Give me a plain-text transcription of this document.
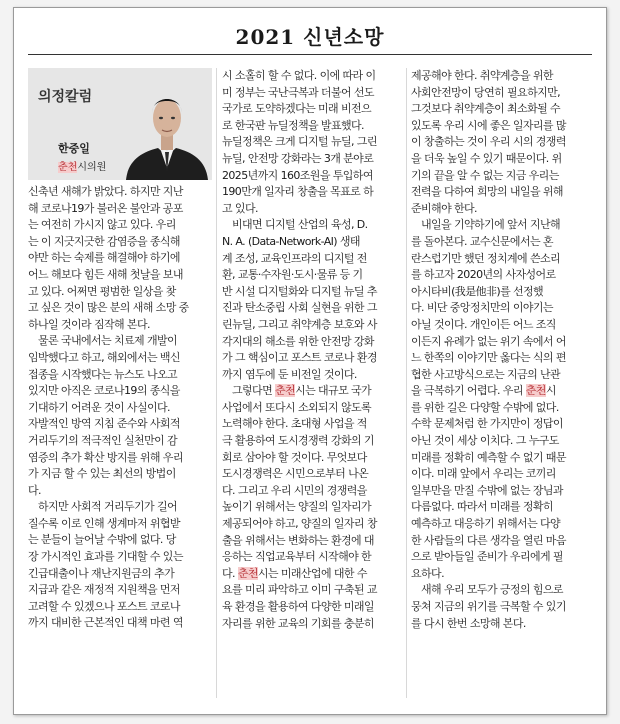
2021 신년소망
의정칼럼
한중일
춘천시의원
신축년 새해가 밝았다. 하지만 지난
해 코로나19가 불러온 불안과 공포
는 여전히 가시지 않고 있다. 우리
는 이 지긋지긋한 감염증을 종식해
야만 하는 숙제를 해결해야 하기에
어느 해보다 힘든 새해 첫날을 보내
고 있다. 어쩌면 평범한 일상을 찾
고 싶은 것이 많은 분의 새해 소망 중
하나일 것이라 짐작해 본다.
물론 국내에서는 치료제 개발이
임박했다고 하고, 해외에서는 백신
접종을 시작했다는 뉴스도 나오고
있지만 아직은 코로나19의 종식을
기대하기 어려운 것이 사실이다.
자발적인 방역 지침 준수와 사회적
거리두기의 적극적인 실천만이 감
염증의 추가 확산 방지를 위해 우리
가 지금 할 수 있는 최선의 방법이
다.
하지만 사회적 거리두기가 길어
질수록 이로 인해 생계마저 위협받
는 분들이 늘어날 수밖에 없다. 당
장 가시적인 효과를 기대할 수 있는
긴급대출이나 재난지원금의 추가
지급과 같은 재정적 지원책을 먼저
고려할 수 있겠으나 포스트 코로나
까지 대비한 근본적인 대책 마련 역
시 소홀히 할 수 없다. 이에 따라 이
미 정부는 국난극복과 더불어 선도
국가로 도약하겠다는 미래 비전으
로 한국판 뉴딜정책을 발표했다.
뉴딜정책은 크게 디지털 뉴딜, 그린
뉴딜, 안전망 강화라는 3개 분야로
2025년까지 160조원을 투입하여
190만개 일자리 창출을 목표로 하
고 있다.
비대면 디지털 산업의 육성, D.
N. A. (Data-Network-AI) 생태
계 조성, 교육인프라의 디지털 전
환, 교통·수자원·도시·물류 등 기
반 시설 디지털화와 디지털 뉴딜 추
진과 탄소중립 사회 실현을 위한 그
린뉴딜, 그리고 취약계층 보호와 사
각지대의 해소를 위한 안전망 강화
가 그 핵심이고 포스트 코로나 환경
까지 염두에 둔 비전일 것이다.
그렇다면 춘천시는 대규모 국가
사업에서 또다시 소외되지 않도록
노력해야 한다. 초대형 사업을 적
극 활용하여 도시경쟁력 강화의 기
회로 삼아야 할 것이다. 무엇보다
도시경쟁력은 시민으로부터 나온
다. 그리고 우리 시민의 경쟁력을
높이기 위해서는 양질의 일자리가
제공되어야 하고, 양질의 일자리 창
출을 위해서는 변화하는 환경에 대
응하는 직업교육부터 시작해야 한
다. 춘천시는 미래산업에 대한 수
요를 미리 파악하고 이미 구축된 교
육 환경을 활용하여 다양한 미래일
자리를 위한 교육의 기회를 충분히
제공해야 한다. 취약계층을 위한
사회안전망이 당연히 필요하지만,
그것보다 취약계층이 최소화될 수
있도록 우리 시에 좋은 일자리를 많
이 창출하는 것이 우리 시의 경쟁력
을 더욱 높일 수 있기 때문이다. 위
기의 끝을 알 수 없는 지금 우리는
전력을 다하여 희망의 내일을 위해
준비해야 한다.
내일을 기약하기에 앞서 지난해
를 돌아본다. 교수신문에서는 혼
란스럽기만 했던 정치계에 쓴소리
를 하고자 2020년의 사자성어로
아시타비(我是他非)를 선정했
다. 비단 중앙정치만의 이야기는
아닐 것이다. 개인이든 어느 조직
이든지 유례가 없는 위기 속에서 어
느 한쪽의 이야기만 옳다는 식의 편
협한 사고방식으로는 지금의 난관
을 극복하기 어렵다. 우리 춘천시
를 위한 길은 다양할 수밖에 없다.
수학 문제처럼 한 가지만이 정답이
아닌 것이 세상 이치다. 그 누구도
미래를 정확히 예측할 수 없기 때문
이다. 미래 앞에서 우리는 코끼리
일부만을 만질 수밖에 없는 장님과
다름없다. 따라서 미래를 정확히
예측하고 대응하기 위해서는 다양
한 사람들의 다른 생각을 열린 마음
으로 받아들일 준비가 우리에게 필
요하다.
새해 우리 모두가 긍정의 힘으로
뭉쳐 지금의 위기를 극복할 수 있기
를 다시 한번 소망해 본다.
